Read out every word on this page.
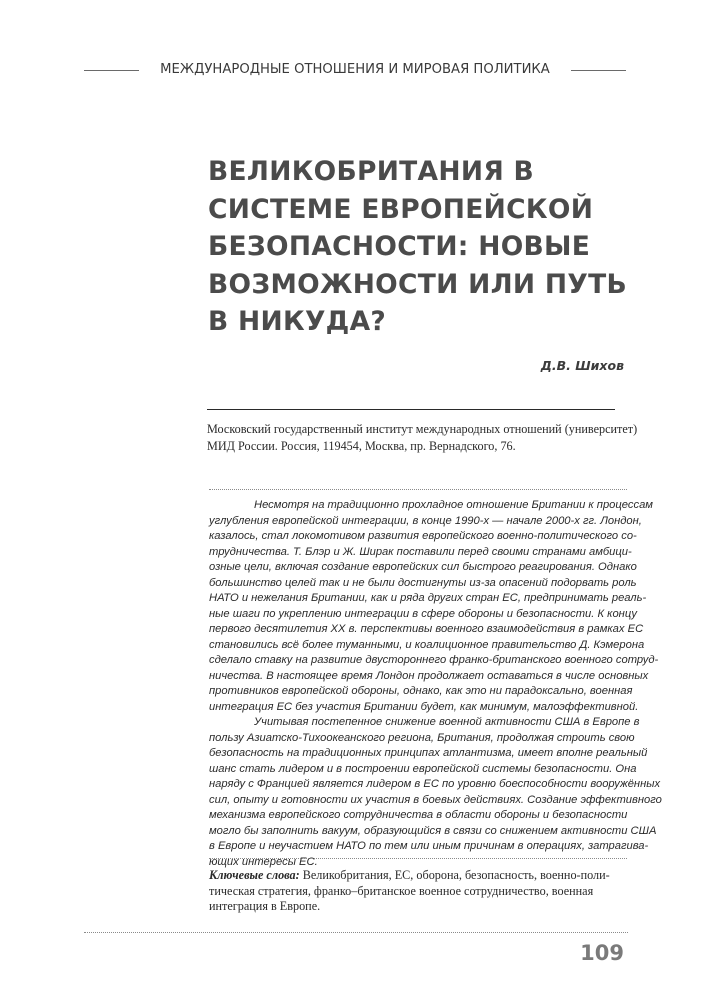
МЕЖДУНАРОДНЫЕ ОТНОШЕНИЯ И МИРОВАЯ ПОЛИТИКА
ВЕЛИКОБРИТАНИЯ В
СИСТЕМЕ ЕВРОПЕЙСКОЙ
БЕЗОПАСНОСТИ: НОВЫЕ
ВОЗМОЖНОСТИ ИЛИ ПУТЬ
В НИКУДА?
Д.В. Шихов
Московский государственный институт международных отношений (университет)
МИД России. Россия, 119454, Москва, пр. Вернадского, 76.
Несмотря на традиционно прохладное отношение Британии к процессам
углубления европейской интеграции, в конце 1990-х — начале 2000-х гг. Лондон,
казалось, стал локомотивом развития европейского военно-политического со-
трудничества. Т. Блэр и Ж. Ширак поставили перед своими странами амбици-
озные цели, включая создание европейских сил быстрого реагирования. Однако
большинство целей так и не были достигнуты из-за опасений подорвать роль
НАТО и нежелания Британии, как и ряда других стран ЕС, предпринимать реаль-
ные шаги по укреплению интеграции в сфере обороны и безопасности. К концу
первого десятилетия XX в. перспективы военного взаимодействия в рамках ЕС
становились всё более туманными, и коалиционное правительство Д. Кэмерона
сделало ставку на развитие двустороннего франко-британского военного сотруд-
ничества. В настоящее время Лондон продолжает оставаться в числе основных
противников европейской обороны, однако, как это ни парадоксально, военная
интеграция ЕС без участия Британии будет, как минимум, малоэффективной.
Учитывая постепенное снижение военной активности США в Европе в
пользу Азиатско-Тихоокеанского региона, Британия, продолжая строить свою
безопасность на традиционных принципах атлантизма, имеет вполне реальный
шанс стать лидером и в построении европейской системы безопасности. Она
наряду с Францией является лидером в ЕС по уровню боеспособности вооружённых
сил, опыту и готовности их участия в боевых действиях. Создание эффективного
механизма европейского сотрудничества в области обороны и безопасности
могло бы заполнить вакуум, образующийся в связи со снижением активности США
в Европе и неучастием НАТО по тем или иным причинам в операциях, затрагива-
ющих интересы ЕС.
Ключевые слова: Великобритания, ЕС, оборона, безопасность, военно-поли-
тическая стратегия, франко–британское военное сотрудничество, военная
интеграция в Европе.
109
